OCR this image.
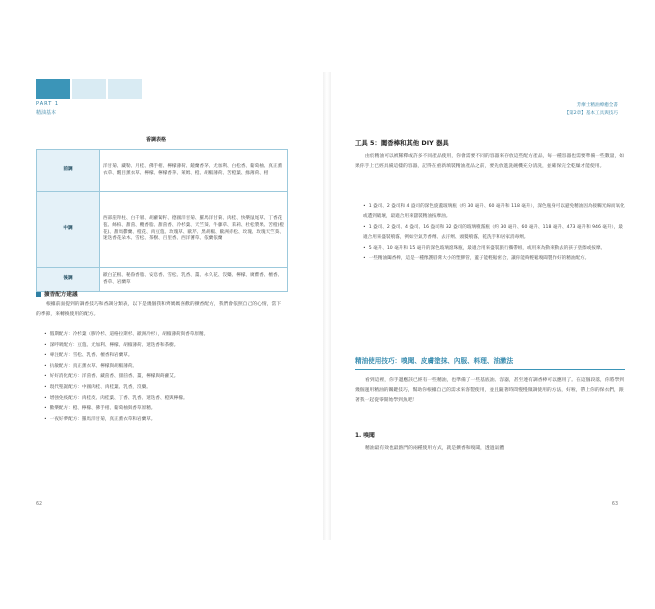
PART 1
精油基本
香調表格
前調	洋甘菊、藏勒、月桂、佛手柑、檸檬薄荷、鏡蘭香茅、尤加利、白松香、葡萄柚、真正薰衣草、醒目薰衣草、檸檬、檸檬香茅、萊姆、橙、胡椒薄荷、苦橙葉、綠薄荷、柑
中調	西部崖拜柱、白千層、胡蘿蔔籽、德國洋甘菊、羅馬洋甘菊、肉桂、快樂鼠尾草、丁香花苞、絲柏、甜茴、欖香脂、甜茴香、冷杉葉、天竺葵、牛藤草、茉莉、杜松漿果、苦橙(橙花)、甜馬鬱蘭、橙花、肉豆蔻、玫瑰草、歐芹、黑胡椒、歐洲赤松、玫瑰、玫瑰天竺葵、迷迭香花朵木、雪松、茶樹、百里香、西洋蓍草、依蘭依蘭
後調	歐白芷根、秘魯香脂、安息香、雪松、乳香、薑、永久花、沒藥、檸檬、廣藿香、檀香、香草、岩蘭草
擴香配方建議
根據前面提到的調香技巧和香調分類表，以下是幾個我和齊媽媽喜歡的擴香配方，我們會依照自己的心情，當下的季節，來轉換使用的配方。
• 假期配方：冷杉葉（膠冷杉、道格拉斯杉、歐洲冷杉），胡椒薄荷與香草原精。
• 深呼吸配方：豆蔻、尤加利、檸檬、胡椒薄荷、迷迭香和茶樹。
• 專注配方：雪松、乳香、檀香和岩蘭草。
• 抗敏配方：真正薰衣草、檸檬與胡椒薄荷。
• 好好消化配方：洋茴香、藏茴香、甜茴香、薑，檸檬與蒔蘿艾。
• 現代聖誕配方：中國肉桂、肉桂葉、乳香，沒藥。
• 增強免疫配方：肉桂皮、肉桂葉、丁香、乳香、迷迭香、橙與檸檬。
• 歡樂配方：橙、檸檬、佛手柑、葡萄柚與香草原精。
• 一夜好夢配方：羅馬洋甘菊，真正薰衣草和岩蘭草。
62
芳療士精油療癒全書
【第2章】基本工具與技巧
工具 5：闔香棒和其他 DIY 器具
由於精油可以被稀釋或許多不同產品使用，你會需要不同的容器來存放這些配方產品，每一種容器也需要準備一些數量，如果你手上已經具備這樣的容器，記得在重新填裝精油產品之前，要先放進洗碗機充分清洗，並確保完全乾燥才能使用。
• 1 盎司、2 盎司和 4 盎司的深色旋蓋玻璃瓶（約 30 毫升、60 毫升和 118 毫升），深色瓶身可以避免精油因為接觸光線而氧化或遭到破壞，最適合用來儲裝精油按摩油。
• 1 盎司、2 盎司、4 盎司、16 盎司和 32 盎司的玻璃噴霧瓶（約 30 毫升、60 毫升、118 毫升、473 毫升和 946 毫升），最適合用來盛裝噴霧，例如空氣芳香劑、去汙劑、頭髮噴霧，乾洗手和居家消毒劑。
• 5 毫升、10 毫升和 15 毫升的深色玻璃滾珠瓶，最適合用來盛裝旅行攜帶組，或用來為動來動去的孩子塗擦或按摩。
• 一些精油闔香棒，這是一種像護唇膏大小的塑膠管，蓋子能輕鬆密合，讓你能夠輕鬆嗅聞製作好的精油配方。
精油使用技巧：嗅聞、皮膚塗抹、內服、料理、油漱法
看到這裡，你手邊應該已經有一些精油，也準備了一些基底油、容器，甚至連有調香棒可以應用了。在這個段落，你將學到幾個運用精油的關鍵技巧，幫助你根據自己的需求來客製使用，並且隨著時間慢慢微調使用的方法，好啦，帶上你的保衣們，跟著我一起從零開始學到魚吧！
1. 嗅聞
精油最有效也最熱門的兩種使用方式，就是擴香和嗅聞，透過氣體
63
